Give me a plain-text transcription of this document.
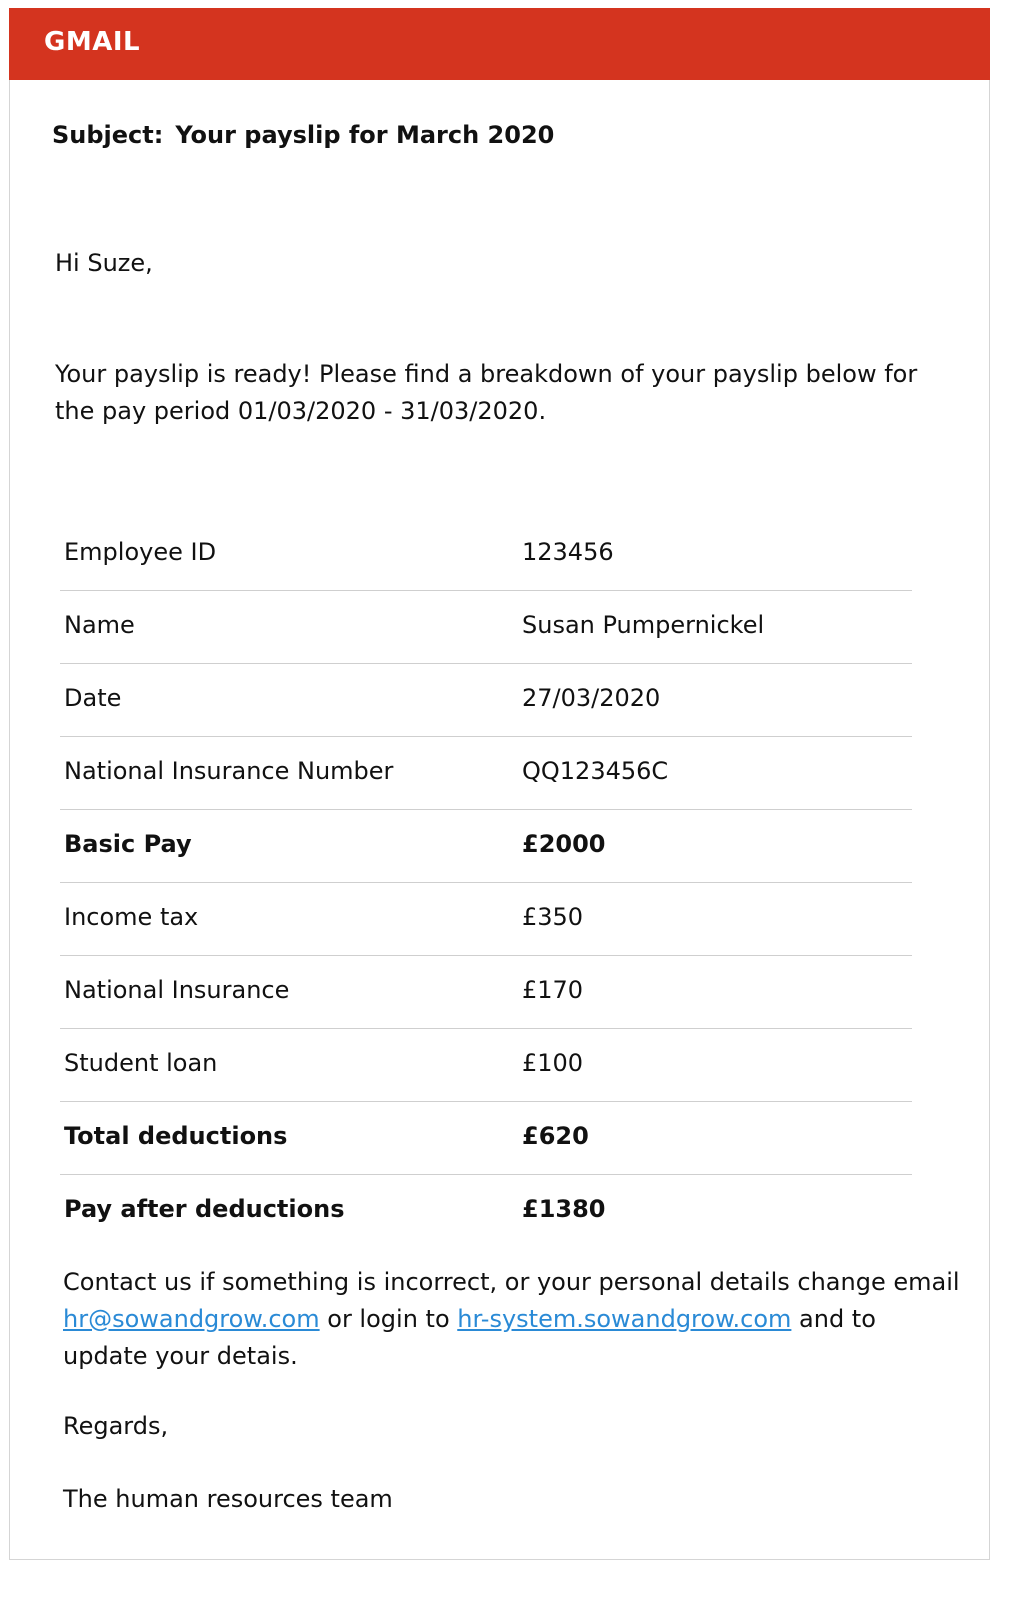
GMAIL
Subject: Your payslip for March 2020
Hi Suze,
Your payslip is ready! Please find a breakdown of your payslip below for the pay period 01/03/2020 - 31/03/2020.
Employee ID	123456
Name	Susan Pumpernickel
Date	27/03/2020
National Insurance Number	QQ123456C
Basic Pay	£2000
Income tax	£350
National Insurance	£170
Student loan	£100
Total deductions	£620
Pay after deductions	£1380
Contact us if something is incorrect, or your personal details change email hr@sowandgrow.com or login to hr-system.sowandgrow.com and to update your detais.
Regards,
The human resources team
